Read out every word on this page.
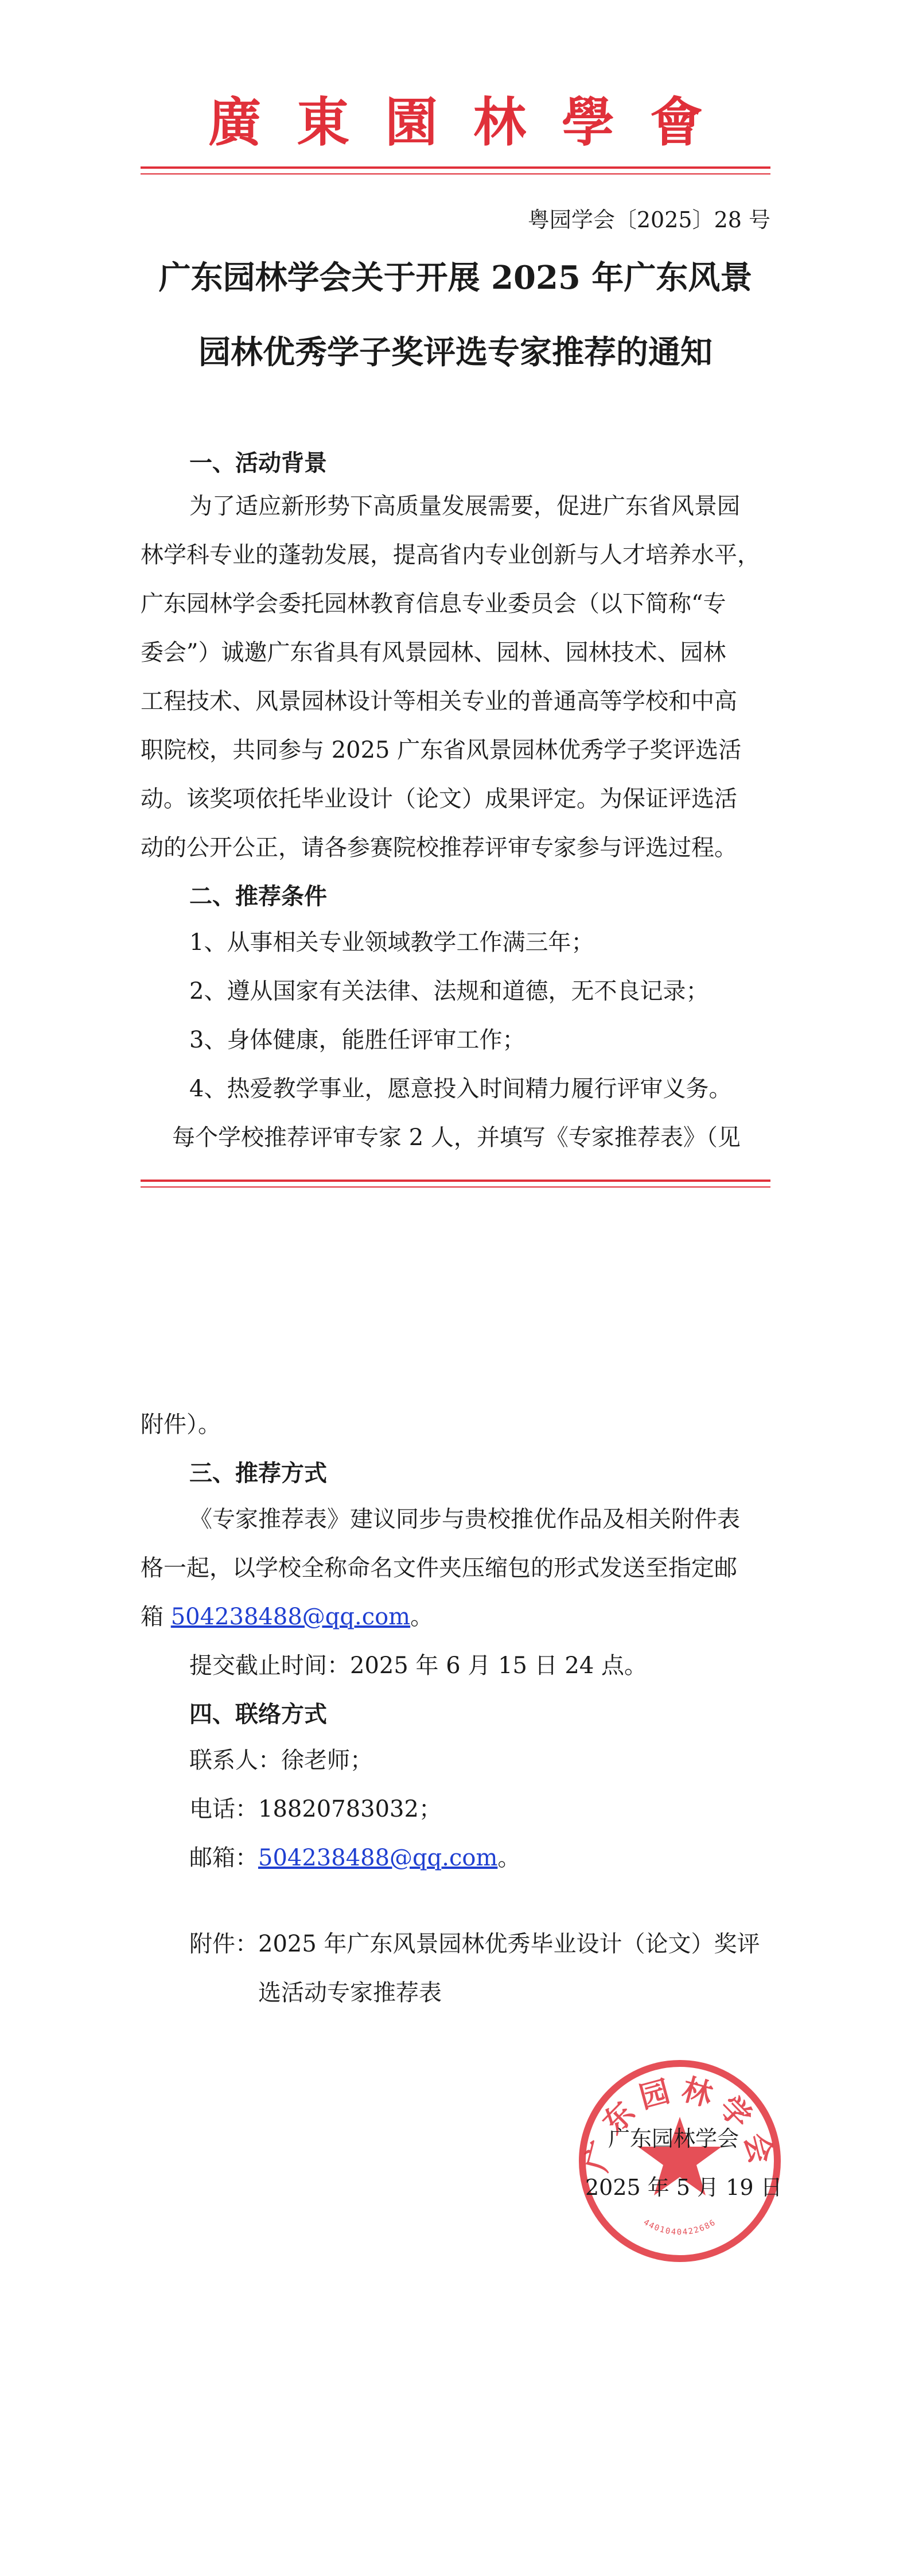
廣東園林學會
粤园学会〔2025〕28 号
广东园林学会关于开展 2025 年广东风景
园林优秀学子奖评选专家推荐的通知
一、活动背景
为了适应新形势下高质量发展需要，促进广东省风景园
林学科专业的蓬勃发展，提高省内专业创新与人才培养水平，
广东园林学会委托园林教育信息专业委员会（以下简称“专
委会”）诚邀广东省具有风景园林、园林、园林技术、园林
工程技术、风景园林设计等相关专业的普通高等学校和中高
职院校，共同参与 2025 广东省风景园林优秀学子奖评选活
动。该奖项依托毕业设计（论文）成果评定。为保证评选活
动的公开公正，请各参赛院校推荐评审专家参与评选过程。
二、推荐条件
1、从事相关专业领域教学工作满三年；
2、遵从国家有关法律、法规和道德，无不良记录；
3、身体健康，能胜任评审工作；
4、热爱教学事业，愿意投入时间精力履行评审义务。
每个学校推荐评审专家 2 人，并填写《专家推荐表》（见
附件）。
三、推荐方式
《专家推荐表》建议同步与贵校推优作品及相关附件表
格一起，以学校全称命名文件夹压缩包的形式发送至指定邮
箱 504238488@qq.com。
提交截止时间：2025 年 6 月 15 日 24 点。
四、联络方式
联系人：徐老师；
电话：18820783032；
邮箱：504238488@qq.com。
附件：2025 年广东风景园林优秀毕业设计（论文）奖评
选活动专家推荐表
广东园林学会
4401040422686
广东园林学会
2025 年 5 月 19 日
